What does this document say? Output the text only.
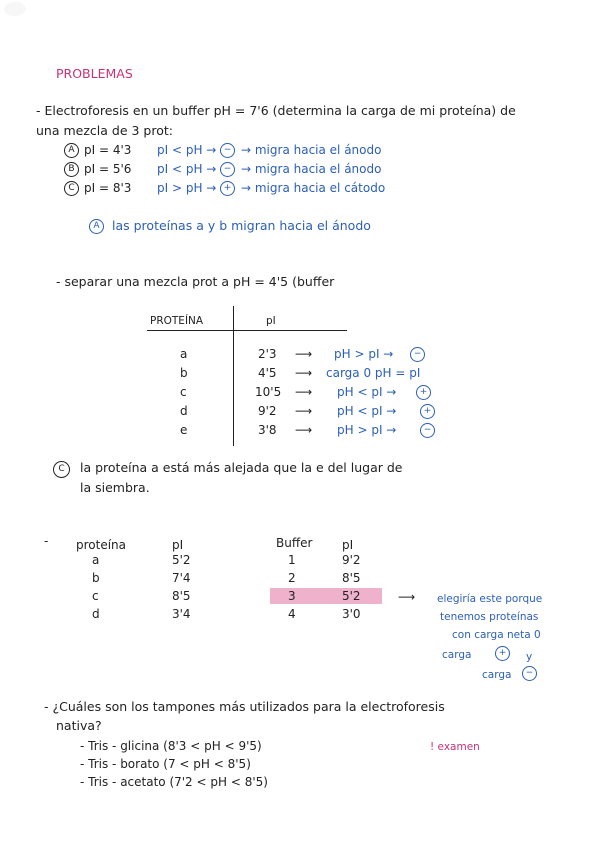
PROBLEMAS
- Electroforesis en un buffer pH = 7'6 (determina la carga de mi proteína) de
una mezcla de 3 prot:
A pI = 4'3 pI < pH → − → migra hacia el ánodo
B pI = 5'6 pI < pH → − → migra hacia el ánodo
C pI = 8'3 pI > pH → + → migra hacia el cátodo
A las proteínas a y b migran hacia el ánodo
- separar una mezcla prot a pH = 4'5 (buffer
PROTEÍNA	pI
a	2'3 ⟶ pH > pI →	−
b	4'5 ⟶ carga 0 pH = pI
c	10'5 ⟶ pH < pI →	+
d	9'2 ⟶ pH < pI →	+
e	3'8 ⟶ pH > pI →	−
C	la proteína a está más alejada que la e del lugar de
la siembra.
- proteína	pI	Buffer pI
a	5'2	1	9'2
b	7'4	2	8'5
c	8'5	3	5'2
d	3'4	4	3'0
⟶ elegiría este porque
tenemos proteínas
con carga neta 0
carga	+	y
carga	−
- ¿Cuáles son los tampones más utilizados para la electroforesis
nativa?
- Tris - glicina (8'3 < pH < 9'5)
- Tris - borato (7 < pH < 8'5)
- Tris - acetato (7'2 < pH < 8'5)
! examen
